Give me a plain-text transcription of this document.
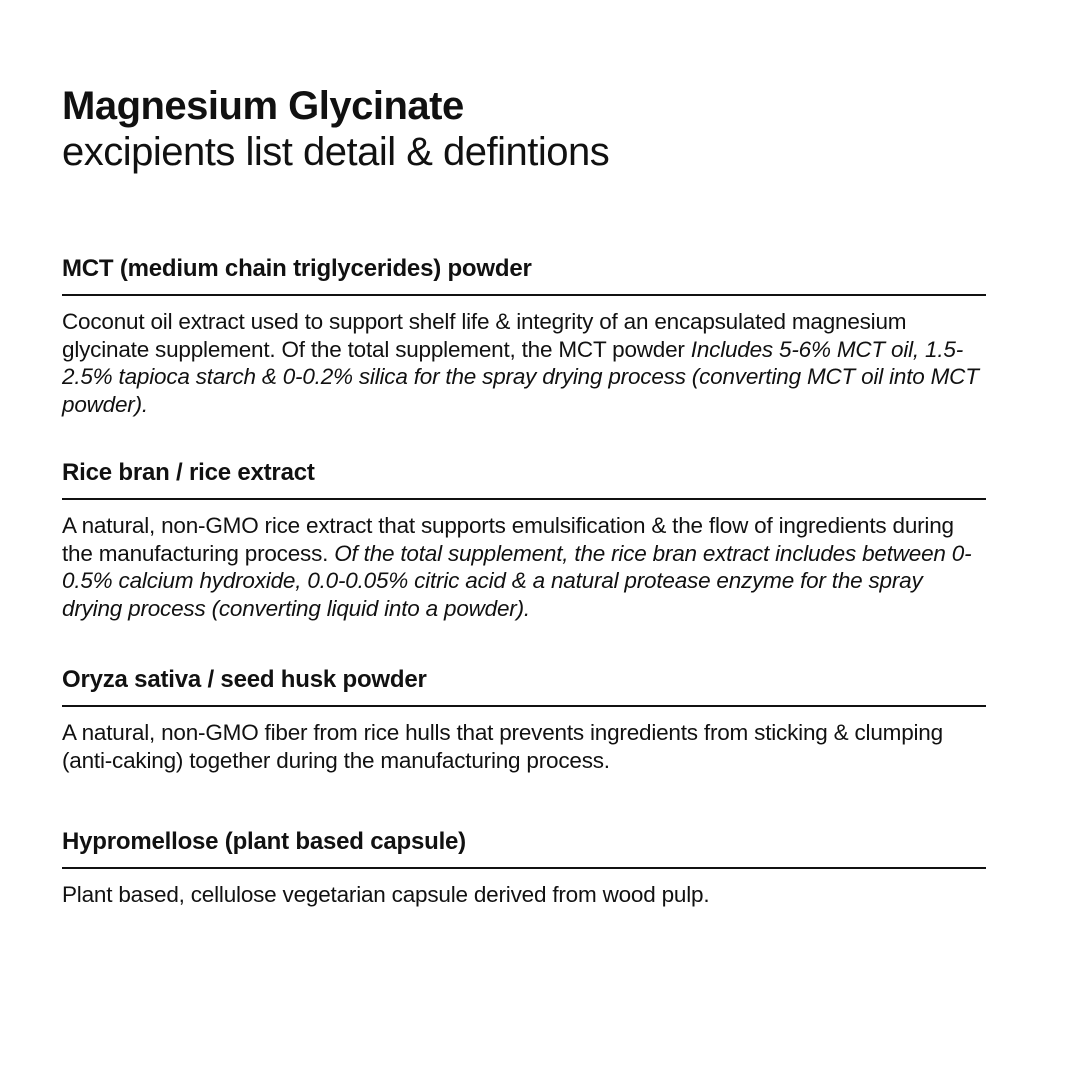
Magnesium Glycinate
excipients list detail & defintions
MCT (medium chain triglycerides) powder

Coconut oil extract used to support shelf life & integrity of an encapsulated magnesium glycinate supplement. Of the total supplement, the MCT powder Includes 5-6% MCT oil, 1.5-2.5% tapioca starch & 0-0.2% silica for the spray drying process (converting MCT oil into MCT powder).

Rice bran / rice extract

A natural, non-GMO rice extract that supports emulsification & the flow of ingredients during the manufacturing process. Of the total supplement, the rice bran extract includes between 0-0.5% calcium hydroxide, 0.0-0.05% citric acid & a natural protease enzyme for the spray drying process (converting liquid into a powder).

Oryza sativa / seed husk powder

A natural, non-GMO fiber from rice hulls that prevents ingredients from sticking & clumping (anti-caking) together during the manufacturing process.

Hypromellose (plant based capsule)

Plant based, cellulose vegetarian capsule derived from wood pulp.
